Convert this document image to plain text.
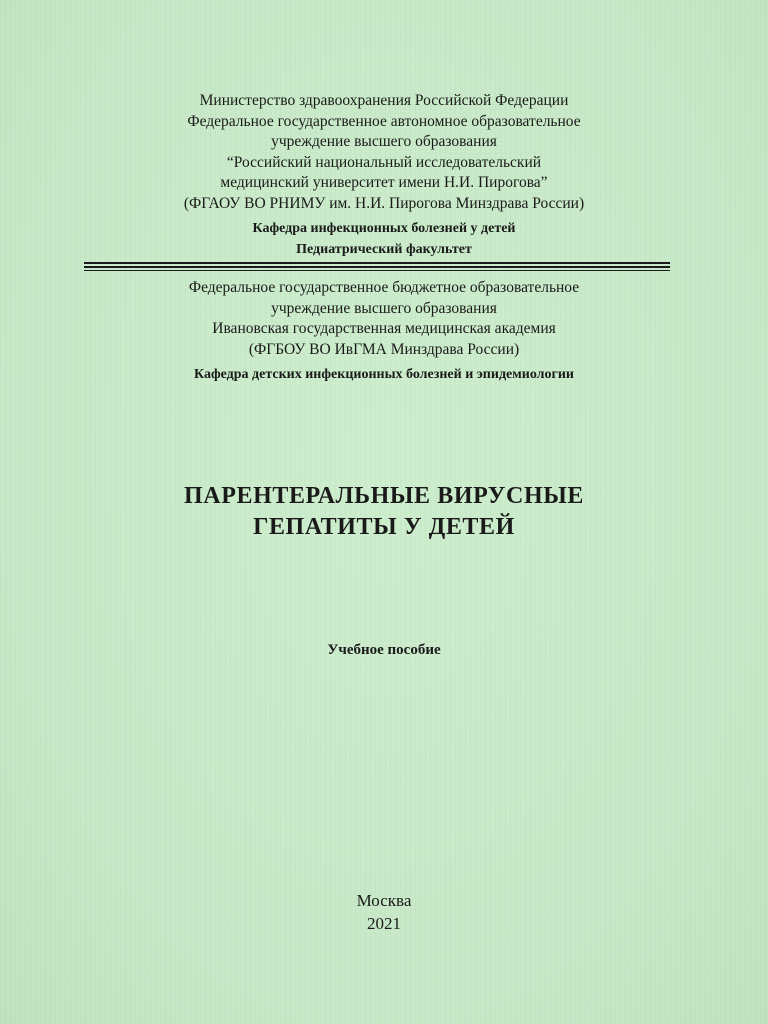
Министерство здравоохранения Российской Федерации
Федеральное государственное автономное образовательное
учреждение высшего образования
“Российский национальный исследовательский
медицинский университет имени Н.И. Пирогова”
(ФГАОУ ВО РНИМУ им. Н.И. Пирогова Минздрава России)
Кафедра инфекционных болезней у детей
Педиатрический факультет
Федеральное государственное бюджетное образовательное
учреждение высшего образования
Ивановская государственная медицинская академия
(ФГБОУ ВО ИвГМА Минздрава России)
Кафедра детских инфекционных болезней и эпидемиологии
ПАРЕНТЕРАЛЬНЫЕ ВИРУСНЫЕ
ГЕПАТИТЫ У ДЕТЕЙ
Учебное пособие
Москва
2021
